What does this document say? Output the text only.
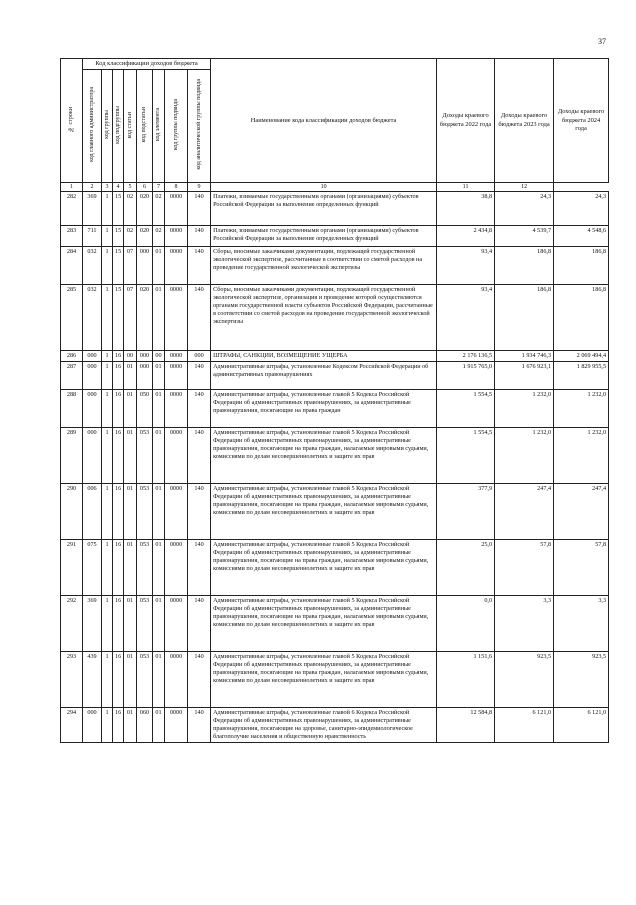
37
№ строки	Код классификации доходов бюджета								Наименование кода классификации доходов бюджета	Доходы краевого бюджета 2022 года	Доходы краевого бюджета 2023 года	Доходы краевого бюджета 2024 года
	код главного администратора	код группы	код подгруппы	код статьи	код подстатьи	код элемента	код группы подвида	код аналитической группы подвида				
1	2	3	4	5	6	7	8	9	10	11	12	
282	369	1	15	02	020	02	0000	140	Платежи, взимаемые государственными органами (организациями) субъектов Российской Федерации за выполнение определенных функций	38,8	24,3	24,3
283	711	1	15	02	020	02	0000	140	Платежи, взимаемые государственными органами (организациями) субъектов Российской Федерации за выполнение определенных функций	2 434,8	4 539,7	4 548,6
284	032	1	15	07	000	01	0000	140	Сборы, вносимые заказчиками документации, подлежащей государственной экологической экспертизе, рассчитанные в соответствии со сметой расходов на проведение государственной экологической экспертизы	93,4	186,8	186,8
285	032	1	15	07	020	01	0000	140	Сборы, вносимые заказчиками документации, подлежащей государственной экологической экспертизе, организация и проведение которой осуществляются органами государственной власти субъектов Российской Федерации, рассчитанные в соответствии со сметой расходов на проведение государственной экологической экспертизы	93,4	186,8	186,8
286	000	1	16	00	000	00	0000	000	ШТРАФЫ, САНКЦИИ, ВОЗМЕЩЕНИЕ УЩЕРБА	2 176 136,5	1 934 746,3	2 069 494,4
287	000	1	16	01	000	01	0000	140	Административные штрафы, установленные Кодексом Российской Федерации об административных правонарушениях	1 915 765,0	1 676 923,1	1 829 955,5
288	000	1	16	01	050	01	0000	140	Административные штрафы, установленные главой 5 Кодекса Российской Федерации об административных правонарушениях, за административные правонарушения, посягающие на права граждан	1 554,5	1 232,0	1 232,0
289	000	1	16	01	053	01	0000	140	Административные штрафы, установленные главой 5 Кодекса Российской Федерации об административных правонарушениях, за административные правонарушения, посягающие на права граждан, налагаемые мировыми судьями, комиссиями по делам несовершеннолетних и защите их прав	1 554,5	1 232,0	1 232,0
290	006	1	16	01	053	01	0000	140	Административные штрафы, установленные главой 5 Кодекса Российской Федерации об административных правонарушениях, за административные правонарушения, посягающие на права граждан, налагаемые мировыми судьями, комиссиями по делам несовершеннолетних и защите их прав	377,9	247,4	247,4
291	075	1	16	01	053	01	0000	140	Административные штрафы, установленные главой 5 Кодекса Российской Федерации об административных правонарушениях, за административные правонарушения, посягающие на права граждан, налагаемые мировыми судьями, комиссиями по делам несовершеннолетних и защите их прав	25,0	57,8	57,8
292	369	1	16	01	053	01	0000	140	Административные штрафы, установленные главой 5 Кодекса Российской Федерации об административных правонарушениях, за административные правонарушения, посягающие на права граждан, налагаемые мировыми судьями, комиссиями по делам несовершеннолетних и защите их прав	0,0	3,3	3,3
293	439	1	16	01	053	01	0000	140	Административные штрафы, установленные главой 5 Кодекса Российской Федерации об административных правонарушениях, за административные правонарушения, посягающие на права граждан, налагаемые мировыми судьями, комиссиями по делам несовершеннолетних и защите их прав	1 151,6	923,5	923,5
294	000	1	16	01	060	01	0000	140	Административные штрафы, установленные главой 6 Кодекса Российской Федерации об административных правонарушениях, за административные правонарушения, посягающие на здоровье, санитарно-эпидемиологическое благополучие населения и общественную нравственность	12 584,8	6 121,0	6 121,0
